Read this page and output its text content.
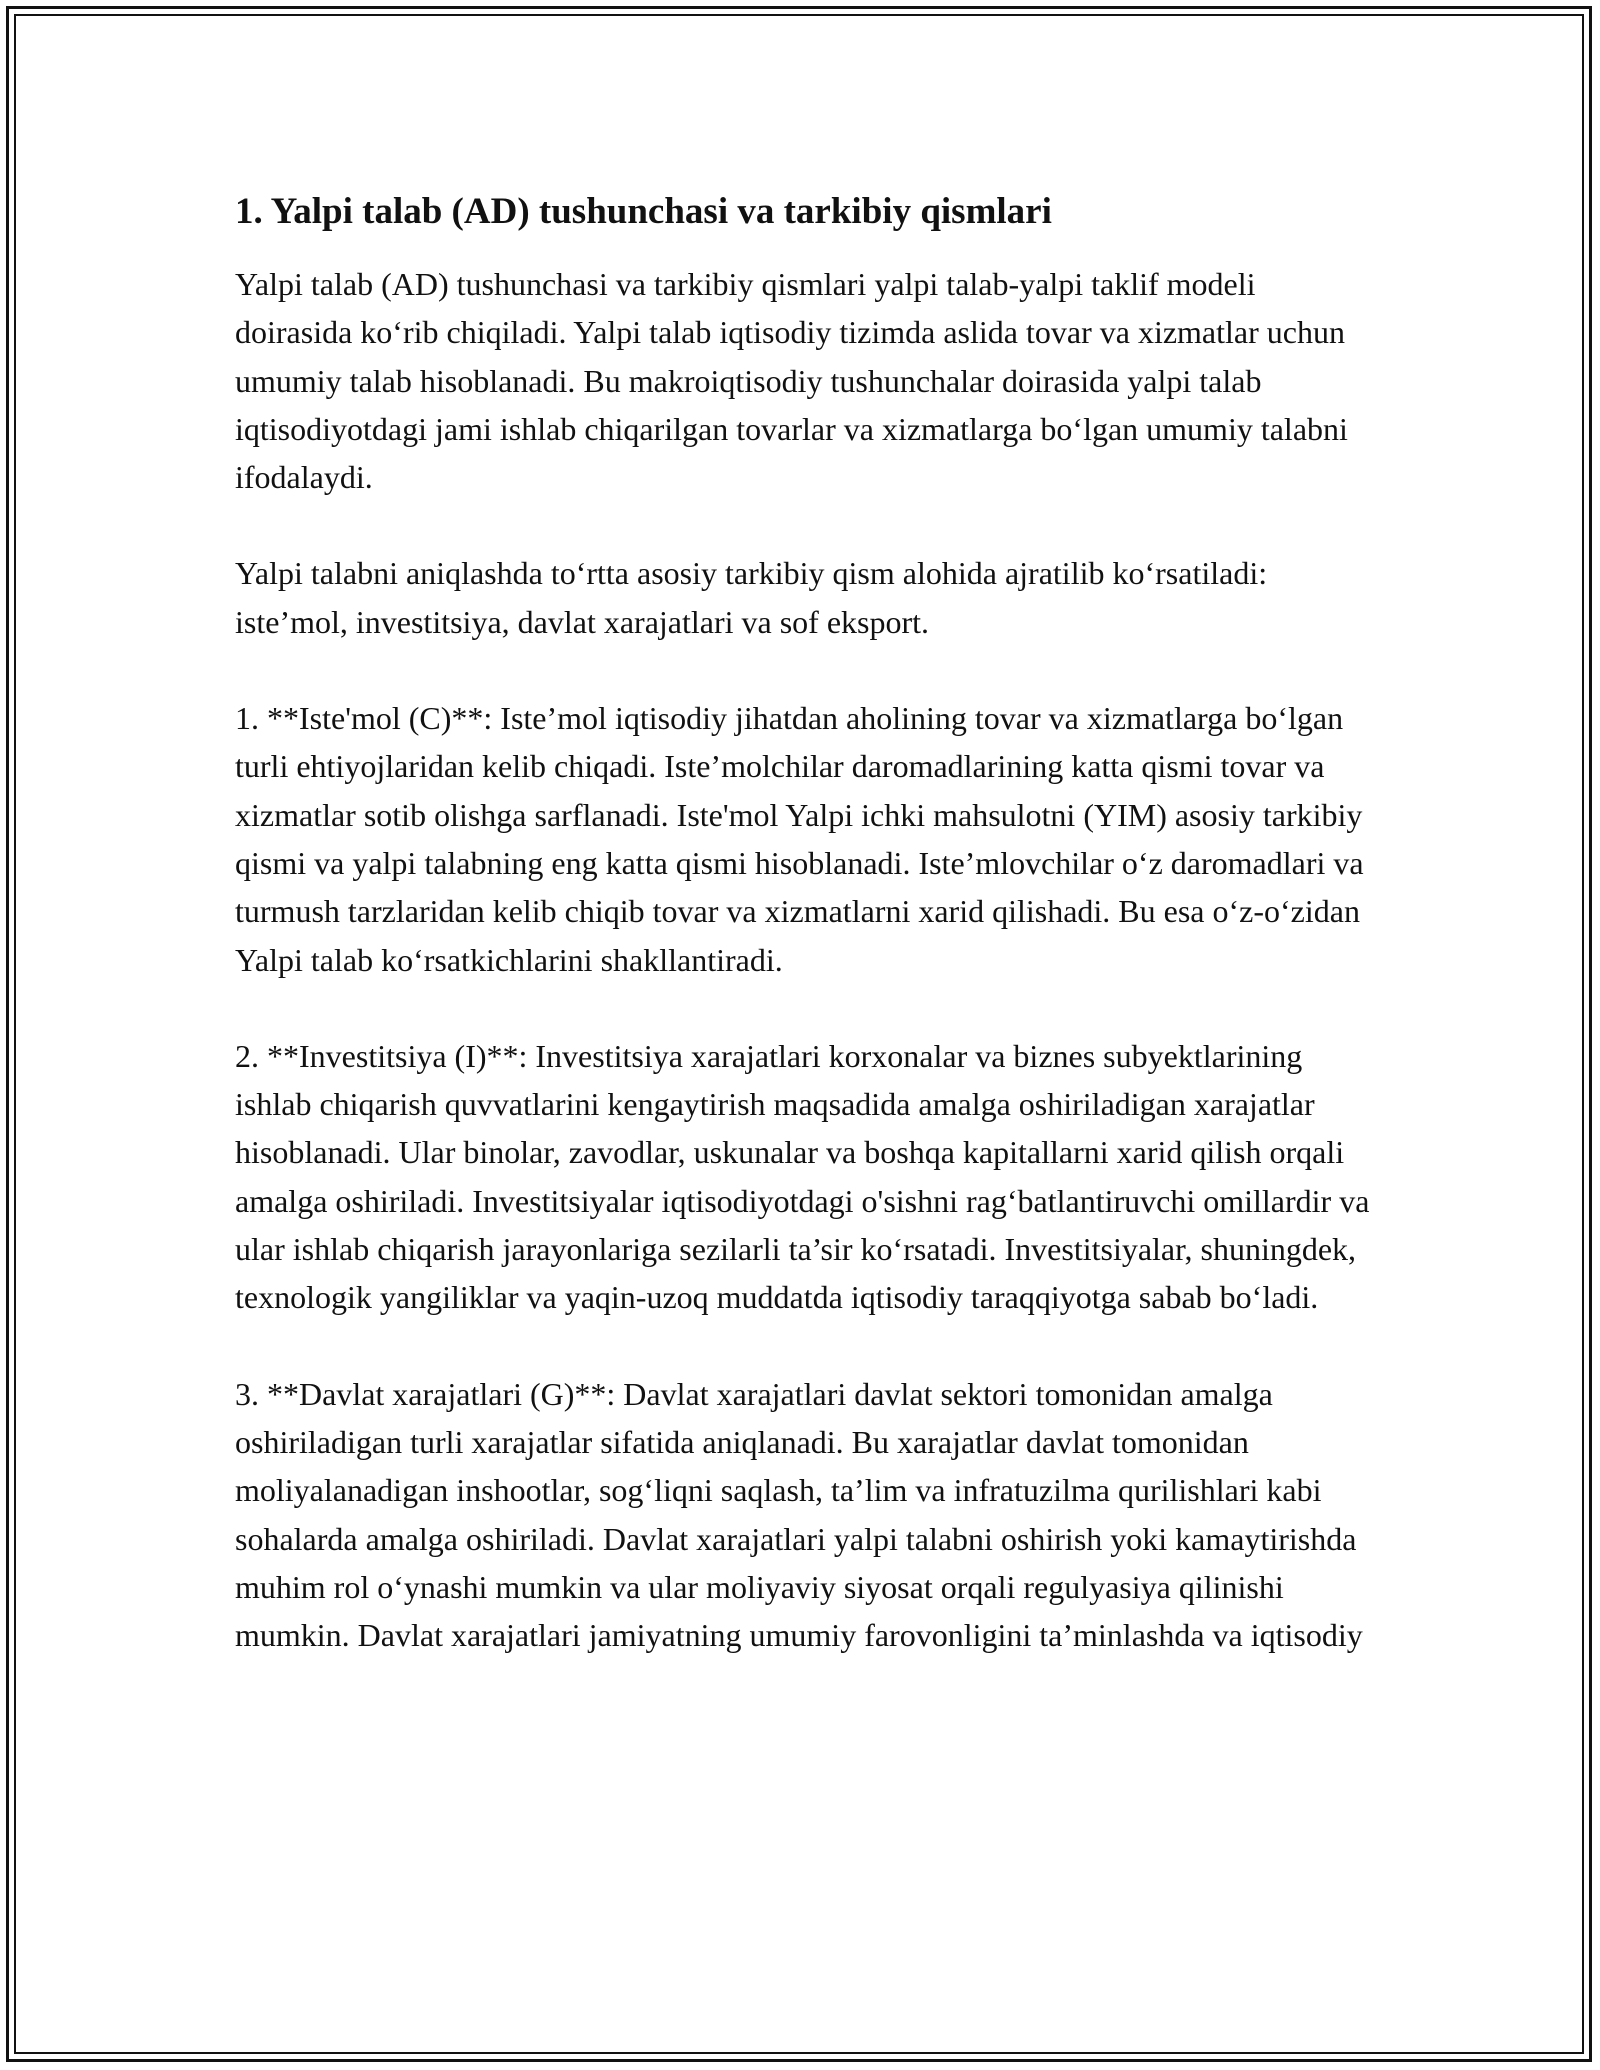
1. Yalpi talab (AD) tushunchasi va tarkibiy qismlari

Yalpi talab (AD) tushunchasi va tarkibiy qismlari yalpi talab-yalpi taklif modeli doirasida ko‘rib chiqiladi. Yalpi talab iqtisodiy tizimda aslida tovar va xizmatlar uchun umumiy talab hisoblanadi. Bu makroiqtisodiy tushunchalar doirasida yalpi talab iqtisodiyotdagi jami ishlab chiqarilgan tovarlar va xizmatlarga bo‘lgan umumiy talabni ifodalaydi.

Yalpi talabni aniqlashda to‘rtta asosiy tarkibiy qism alohida ajratilib ko‘rsatiladi: iste’mol, investitsiya, davlat xarajatlari va sof eksport.

1. **Iste'mol (C)**: Iste’mol iqtisodiy jihatdan aholining tovar va xizmatlarga bo‘lgan turli ehtiyojlaridan kelib chiqadi. Iste’molchilar daromadlarining katta qismi tovar va xizmatlar sotib olishga sarflanadi. Iste'mol Yalpi ichki mahsulotni (YIM) asosiy tarkibiy qismi va yalpi talabning eng katta qismi hisoblanadi. Iste’mlovchilar o‘z daromadlari va turmush tarzlaridan kelib chiqib tovar va xizmatlarni xarid qilishadi. Bu esa o‘z-o‘zidan Yalpi talab ko‘rsatkichlarini shakllantiradi.

2. **Investitsiya (I)**: Investitsiya xarajatlari korxonalar va biznes subyektlarining ishlab chiqarish quvvatlarini kengaytirish maqsadida amalga oshiriladigan xarajatlar hisoblanadi. Ular binolar, zavodlar, uskunalar va boshqa kapitallarni xarid qilish orqali amalga oshiriladi. Investitsiyalar iqtisodiyotdagi o'sishni rag‘batlantiruvchi omillardir va ular ishlab chiqarish jarayonlariga sezilarli ta’sir ko‘rsatadi. Investitsiyalar, shuningdek, texnologik yangiliklar va yaqin-uzoq muddatda iqtisodiy taraqqiyotga sabab bo‘ladi.

3. **Davlat xarajatlari (G)**: Davlat xarajatlari davlat sektori tomonidan amalga oshiriladigan turli xarajatlar sifatida aniqlanadi. Bu xarajatlar davlat tomonidan moliyalanadigan inshootlar, sog‘liqni saqlash, ta’lim va infratuzilma qurilishlari kabi sohalarda amalga oshiriladi. Davlat xarajatlari yalpi talabni oshirish yoki kamaytirishda muhim rol o‘ynashi mumkin va ular moliyaviy siyosat orqali regulyasiya qilinishi mumkin. Davlat xarajatlari jamiyatning umumiy farovonligini ta’minlashda va iqtisodiy
